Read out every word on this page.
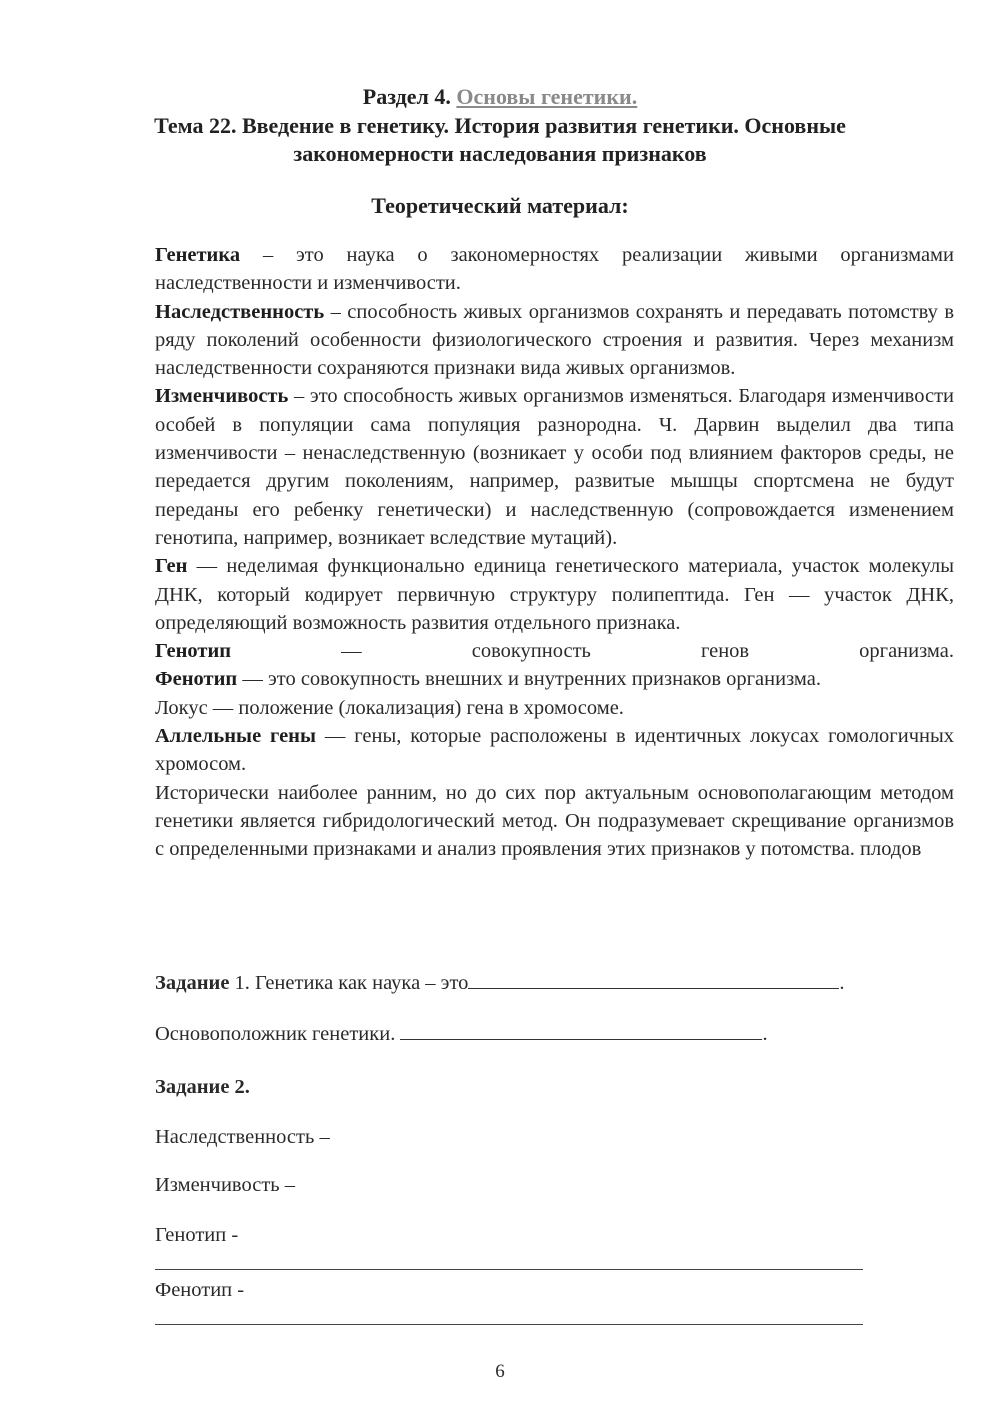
Раздел 4. Основы генетики.
Тема 22. Введение в генетику. История развития генетики. Основные
закономерности наследования признаков
Теоретический материал:

Генетика – это наука о закономерностях реализации живыми организмами наследственности и изменчивости.

Наследственность – способность живых организмов сохранять и передавать потомству в ряду поколений особенности физиологического строения и развития. Через механизм наследственности сохраняются признаки вида живых организмов.

Изменчивость – это способность живых организмов изменяться. Благодаря изменчивости особей в популяции сама популяция разнородна. Ч. Дарвин выделил два типа изменчивости – ненаследственную (возникает у особи под влиянием факторов среды, не передается другим поколениям, например, развитые мышцы спортсмена не будут переданы его ребенку генетически) и наследственную (сопровождается изменением генотипа, например, возникает вследствие мутаций).

Ген — неделимая функционально единица генетического материала, участок молекулы ДНК, который кодирует первичную структуру полипептида. Ген — участок ДНК, определяющий возможность развития отдельного признака.

Генотип — совокупность генов организма.

Фенотип — это совокупность внешних и внутренних признаков организма.

Локус — положение (локализация) гена в хромосоме.

Аллельные гены — гены, которые расположены в идентичных локусах гомологичных хромосом.

Исторически наиболее ранним, но до сих пор актуальным основополагающим методом генетики является гибридологический метод. Он подразумевает скрещивание организмов с определенными признаками и анализ проявления этих признаков у потомства. плодов

Задание 1. Генетика как наука – это	.
Основоположник генетики.	.
Задание 2.
Наследственность –
Изменчивость –
Генотип -
Фенотип -
6
